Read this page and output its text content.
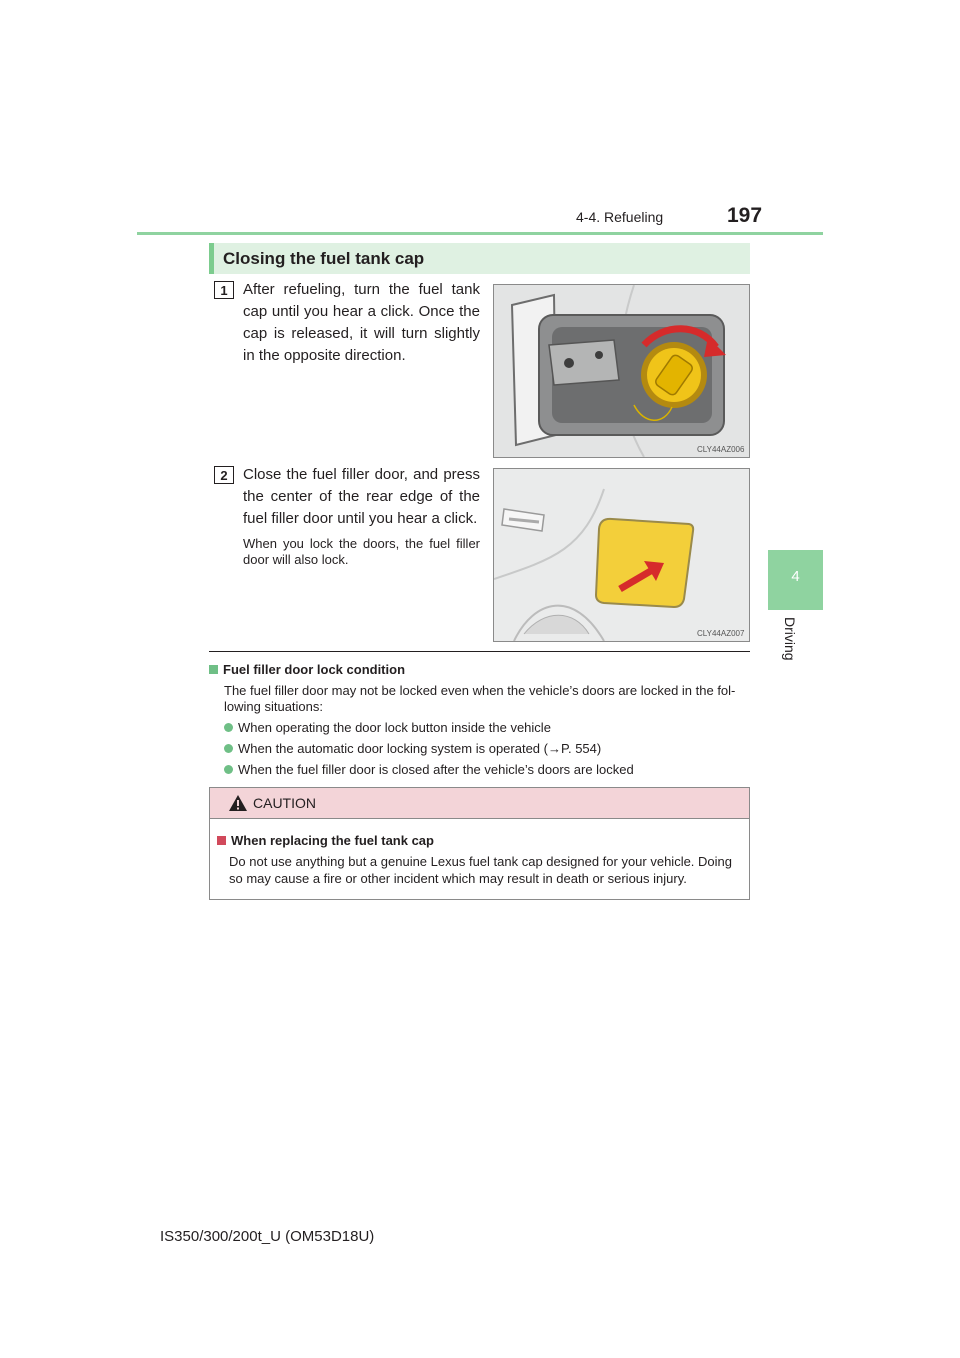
4-4. Refueling	197
4
Driving
Closing the fuel tank cap
1	After refueling, turn the fuel tank cap until you hear a click. Once the cap is released, it will turn slightly in the opposite direction.
CLY44AZ006
2	Close the fuel filler door, and press the center of the rear edge of the fuel filler door until you hear a click.
When you lock the doors, the fuel filler door will also lock.
CLY44AZ007
Fuel filler door lock condition
The fuel filler door may not be locked even when the vehicle’s doors are locked in the fol-lowing situations:
When operating the door lock button inside the vehicle
When the automatic door locking system is operated (→P. 554)
When the fuel filler door is closed after the vehicle’s doors are locked
CAUTION
When replacing the fuel tank cap
Do not use anything but a genuine Lexus fuel tank cap designed for your vehicle. Doing so may cause a fire or other incident which may result in death or serious injury.
IS350/300/200t_U (OM53D18U)
